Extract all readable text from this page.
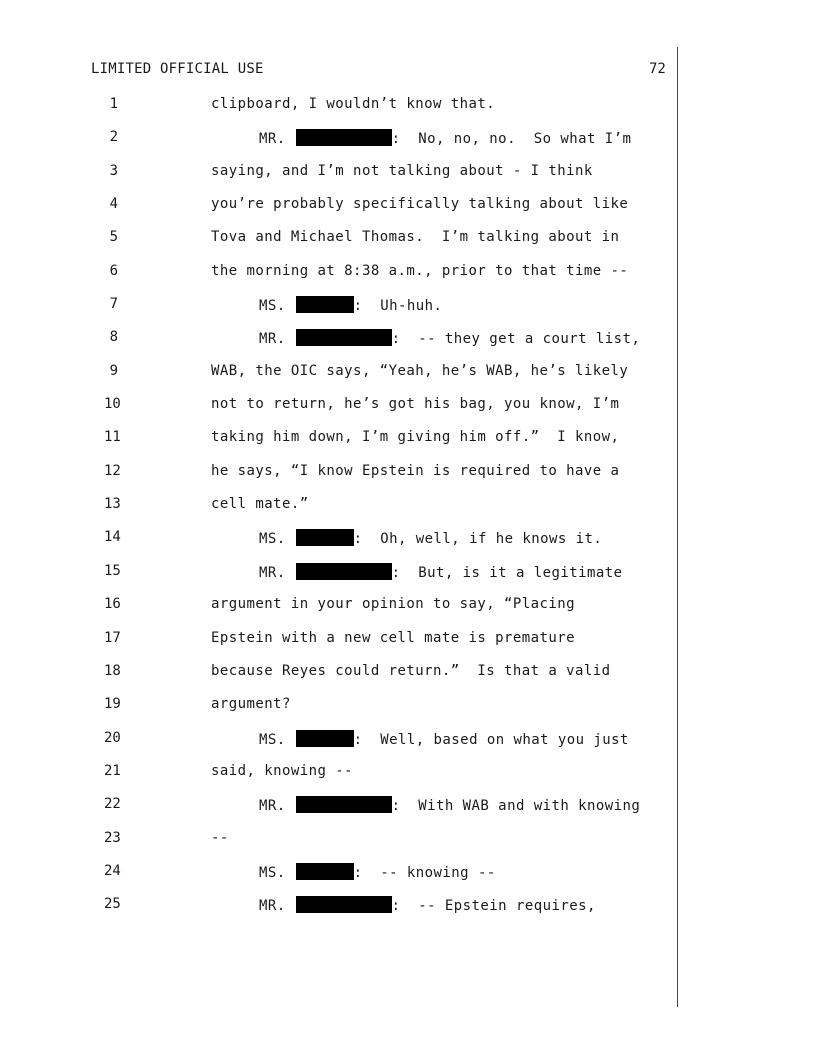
LIMITED OFFICIAL USE	72
1	clipboard, I wouldn’t know that.
2	MR.	:  No, no, no.  So what I’m
3	saying, and I’m not talking about - I think
4	you’re probably specifically talking about like
5	Tova and Michael Thomas.  I’m talking about in
6	the morning at 8:38 a.m., prior to that time --
7	MS.	:  Uh-huh.
8	MR.	:  -- they get a court list,
9	WAB, the OIC says, “Yeah, he’s WAB, he’s likely
10	not to return, he’s got his bag, you know, I’m
11	taking him down, I’m giving him off.”  I know,
12	he says, “I know Epstein is required to have a
13	cell mate.”
14	MS.	:  Oh, well, if he knows it.
15	MR.	:  But, is it a legitimate
16	argument in your opinion to say, “Placing
17	Epstein with a new cell mate is premature
18	because Reyes could return.”  Is that a valid
19	argument?
20	MS.	:  Well, based on what you just
21	said, knowing --
22	MR.	:  With WAB and with knowing
23	--
24	MS.	:  -- knowing --
25	MR.	:  -- Epstein requires,
